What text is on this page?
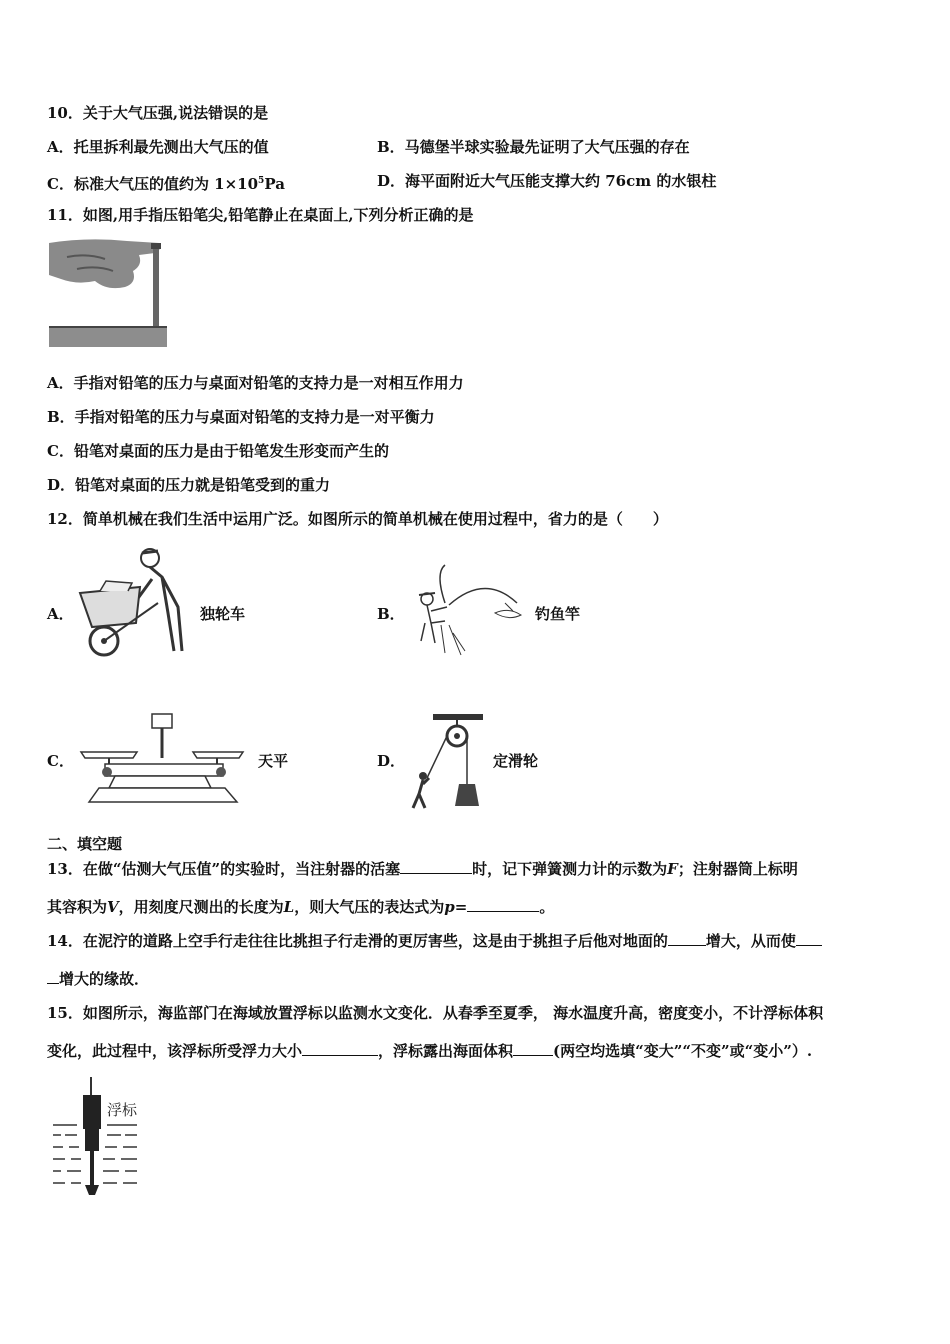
10．关于大气压强,说法错误的是
A．托里拆利最先测出大气压的值	B．马德堡半球实验最先证明了大气压强的存在
C．标准大气压的值约为 $1\times 10^5Pa$	D．海平面附近大气压能支撑大约 76cm 的水银柱
11．如图,用手指压铅笔尖,铅笔静止在桌面上,下列分析正确的是
A．手指对铅笔的压力与桌面对铅笔的支持力是一对相互作用力
B．手指对铅笔的压力与桌面对铅笔的支持力是一对平衡力
C．铅笔对桌面的压力是由于铅笔发生形变而产生的
D．铅笔对桌面的压力就是铅笔受到的重力
12．简单机械在我们生活中运用广泛。如图所示的简单机械在使用过程中，省力的是（　　）
A．	独轮车	B．	钓鱼竿
C．	天平	D．	定滑轮
二、填空题
13．在做“估测大气压值”的实验时，当注射器的活塞	时，记下弹簧测力计的示数为F；注射器筒上标明
其容积为V，用刻度尺测出的长度为L，则大气压的表达式为p=	。
14．在泥泞的道路上空手行走往往比挑担子行走滑的更厉害些，这是由于挑担子后他对地面的	增大，从而使
增大的缘故．
15．如图所示，海监部门在海域放置浮标以监测水文变化．从春季至夏季， 海水温度升高，密度变小，不计浮标体积
变化，此过程中，该浮标所受浮力大小	，浮标露出海面体积	(两空均选填“变大”“不变”或“变小”）.
浮标
